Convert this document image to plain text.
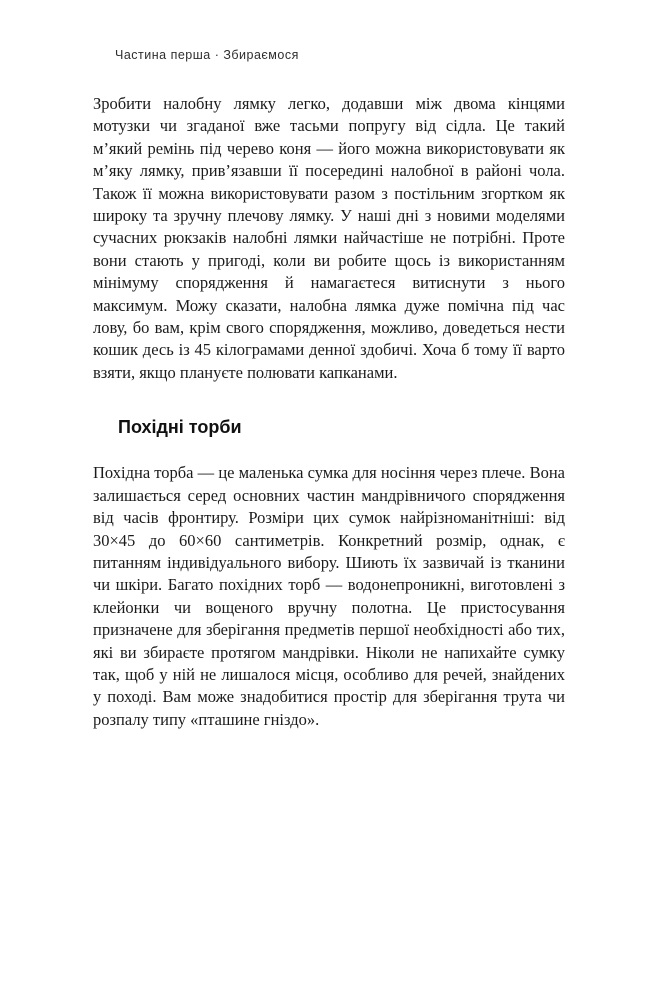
Частина перша · Збираємося

Зробити налобну лямку легко, додавши між двома кінцями мотузки чи згаданої вже тасьми попругу від сідла. Це такий м’який ремінь під черево коня — його можна використовувати як м’яку лямку, прив’язавши її посередині налобної в районі чола. Також її можна використовувати разом з постільним згортком як широку та зручну плечову лямку. У наші дні з новими моделями сучасних рюкзаків налобні лямки найчастіше не потрібні. Проте вони стають у пригоді, коли ви робите щось із використанням мінімуму спорядження й намагаєтеся витиснути з нього максимум. Можу сказати, налобна лямка дуже помічна під час лову, бо вам, крім свого спорядження, можливо, доведеться нести кошик десь із 45 кілограмами денної здобичі. Хоча б тому її варто взяти, якщо плануєте полювати капканами.

Похідні торби

Похідна торба — це маленька сумка для носіння через плече. Вона залишається серед основних частин мандрівничого спорядження від часів фронтиру. Розміри цих сумок найрізноманітніші: від 30×45 до 60×60 сантиметрів. Конкретний розмір, однак, є питанням індивідуального вибору. Шиють їх зазвичай із тканини чи шкіри. Багато похідних торб — водонепроникні, виготовлені з клейонки чи вощеного вручну полотна. Це пристосування призначене для зберігання предметів першої необхідності або тих, які ви збираєте протягом мандрівки. Ніколи не напихайте сумку так, щоб у ній не лишалося місця, особливо для речей, знайдених у поході. Вам може знадобитися простір для зберігання трута чи розпалу типу «пташине гніздо».
